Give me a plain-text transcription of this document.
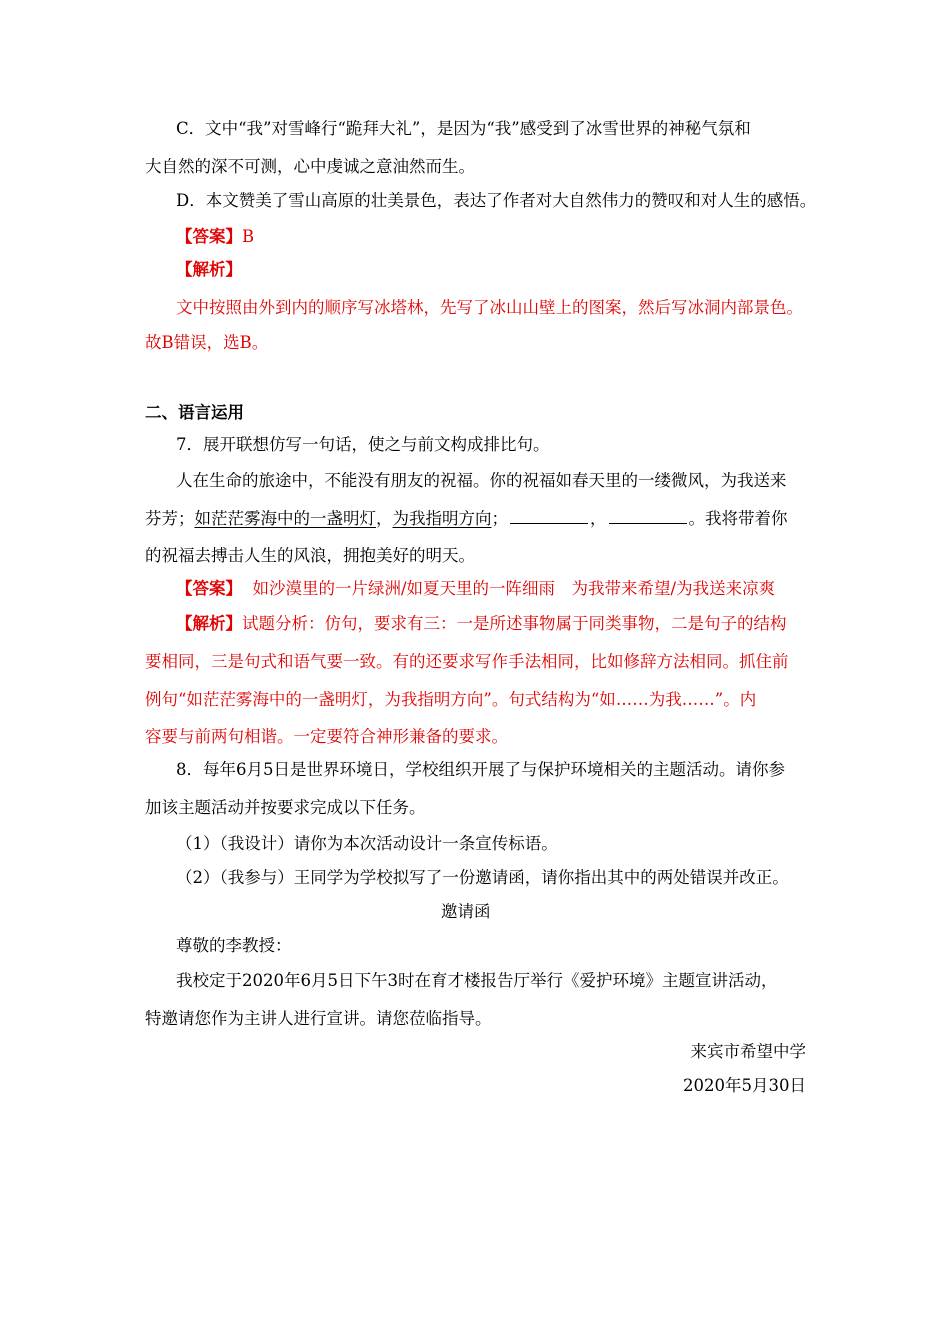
C．文中“我”对雪峰行“跪拜大礼”，是因为“我”感受到了冰雪世界的神秘气氛和
大自然的深不可测，心中虔诚之意油然而生。
D．本文赞美了雪山高原的壮美景色，表达了作者对大自然伟力的赞叹和对人生的感悟。
【答案】B
【解析】
文中按照由外到内的顺序写冰塔林，先写了冰山山壁上的图案，然后写冰洞内部景色。
故B错误，选B。
二、语言运用
7．展开联想仿写一句话，使之与前文构成排比句。
人在生命的旅途中，不能没有朋友的祝福。你的祝福如春天里的一缕微风，为我送来
芬芳；如茫茫雾海中的一盏明灯，为我指明方向；	，	。我将带着你
的祝福去搏击人生的风浪，拥抱美好的明天。
【答案】 如沙漠里的一片绿洲/如夏天里的一阵细雨　为我带来希望/为我送来凉爽
【解析】试题分析：仿句，要求有三：一是所述事物属于同类事物，二是句子的结构
要相同，三是句式和语气要一致。有的还要求写作手法相同，比如修辞方法相同。抓住前
例句“如茫茫雾海中的一盏明灯，为我指明方向”。句式结构为“如……为我……”。内
容要与前两句相谐。一定要符合神形兼备的要求。
8．每年6月5日是世界环境日，学校组织开展了与保护环境相关的主题活动。请你参
加该主题活动并按要求完成以下任务。
（1）（我设计）请你为本次活动设计一条宣传标语。
（2）（我参与）王同学为学校拟写了一份邀请函，请你指出其中的两处错误并改正。
邀请函
尊敬的李教授：
我校定于2020年6月5日下午3时在育才楼报告厅举行《爱护环境》主题宣讲活动，
特邀请您作为主讲人进行宣讲。请您莅临指导。
来宾市希望中学
2020年5月30日
